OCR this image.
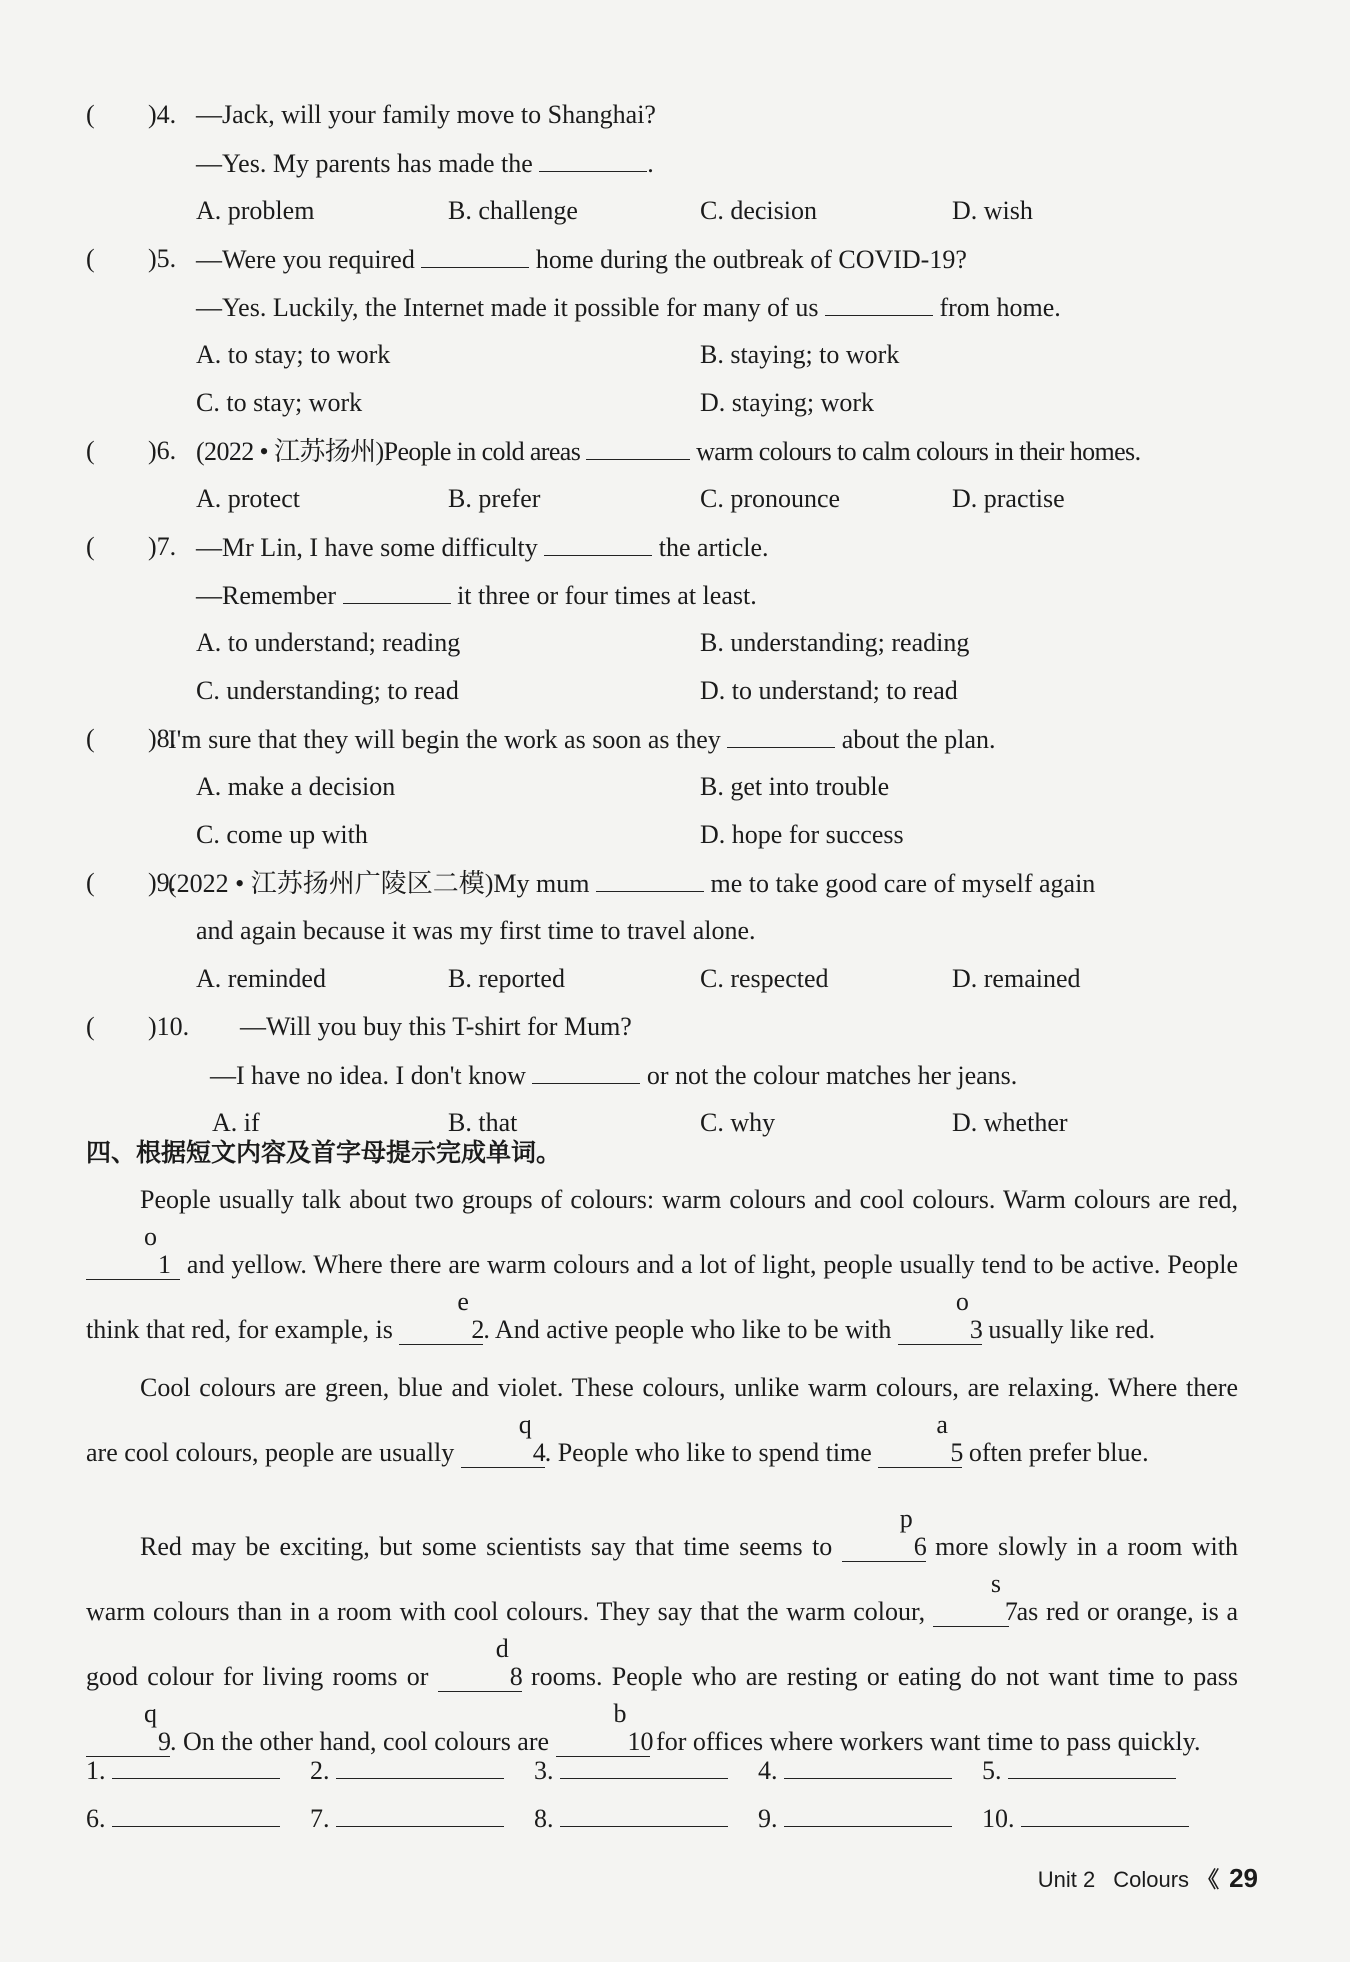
( )4. —Jack, will your family move to Shanghai?
—Yes. My parents has made the	.
A. problem	B. challenge	C. decision	D. wish
( )5. —Were you required	home during the outbreak of COVID-19?
—Yes. Luckily, the Internet made it possible for many of us	from home.
A. to stay; to work	B. staying; to work
C. to stay; work	D. staying; work
( )6. (2022 • 江苏扬州)People in cold areas	warm colours to calm colours in their homes.
A. protect	B. prefer	C. pronounce	D. practise
( )7. —Mr Lin, I have some difficulty	the article.
—Remember	it three or four times at least.
A. to understand; reading	B. understanding; reading
C. understanding; to read	D. to understand; to read
( )8.
I'm sure that they will begin the work as soon as they	about the plan.
A. make a decision	B. get into trouble
C. come up with	D. hope for success
( )9.
(2022 • 江苏扬州广陵区二模)My mum	me to take good care of myself again
and again because it was my first time to travel alone.
A. reminded	B. reported	C. respected	D. remained
( )10. —Will you buy this T-shirt for Mum?
—I have no idea. I don't know	or not the colour matches her jeans.
A. if	B. that	C. why	D. whether
四、根据短文内容及首字母提示完成单词。
People usually talk about two groups of colours: warm colours and cool colours. Warm colours are red, o1 and yellow. Where there are warm colours and a lot of light, people usually tend to be active. People think that red, for example, is e2. And active people who like to be with o3 usually like red.
Cool colours are green, blue and violet. These colours, unlike warm colours, are relaxing. Where there are cool colours, people are usually q4. People who like to spend time a5 often prefer blue.
Red may be exciting, but some scientists say that time seems to p6 more slowly in a room with warm colours than in a room with cool colours. They say that the warm colour, s7 as red or orange, is a good colour for living rooms or d8 rooms. People who are resting or eating do not want time to pass q9. On the other hand, cool colours are b10 for offices where workers want time to pass quickly.
1.	2.	3.	4.	5.
6.	7.	8.	9.	10.
Unit 2 Colours 《 29
